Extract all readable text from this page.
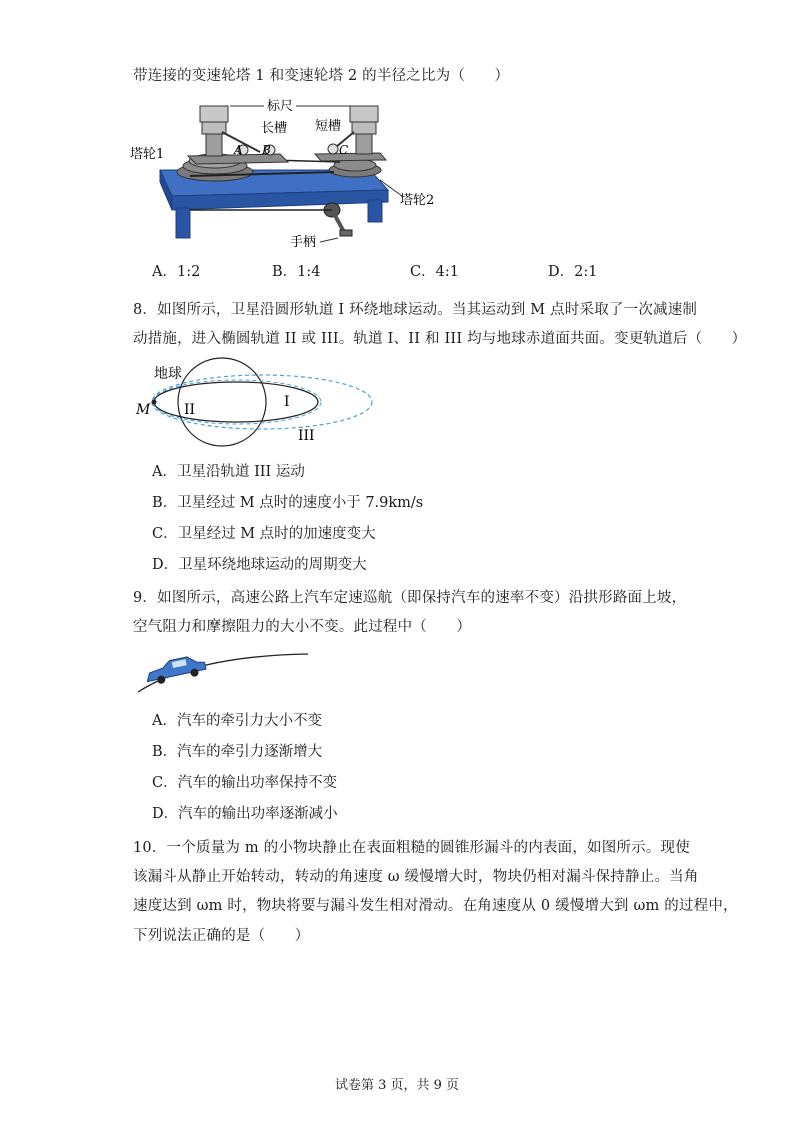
带连接的变速轮塔 1 和变速轮塔 2 的半径之比为（　　）
标尺
长槽 短槽
A B	C
塔轮1
塔轮2
手柄
A．1:2	B．1:4	C．4:1	D．2:1
8．如图所示，卫星沿圆形轨道 I 环绕地球运动。当其运动到 M 点时采取了一次减速制
动措施，进入椭圆轨道 II 或 III。轨道 I、II 和 III 均与地球赤道面共面。变更轨道后（　　）
地球
M II	I
III
A．卫星沿轨道 III 运动
B．卫星经过 M 点时的速度小于 7.9km/s
C．卫星经过 M 点时的加速度变大
D．卫星环绕地球运动的周期变大
9．如图所示，高速公路上汽车定速巡航（即保持汽车的速率不变）沿拱形路面上坡，
空气阻力和摩擦阻力的大小不变。此过程中（　　）
A．汽车的牵引力大小不变
B．汽车的牵引力逐渐增大
C．汽车的输出功率保持不变
D．汽车的输出功率逐渐减小
10．一个质量为 m 的小物块静止在表面粗糙的圆锥形漏斗的内表面，如图所示。现使
该漏斗从静止开始转动，转动的角速度 ω 缓慢增大时，物块仍相对漏斗保持静止。当角
速度达到 ωm 时，物块将要与漏斗发生相对滑动。在角速度从 0 缓慢增大到 ωm 的过程中，
下列说法正确的是（　　）
试卷第 3 页，共 9 页
